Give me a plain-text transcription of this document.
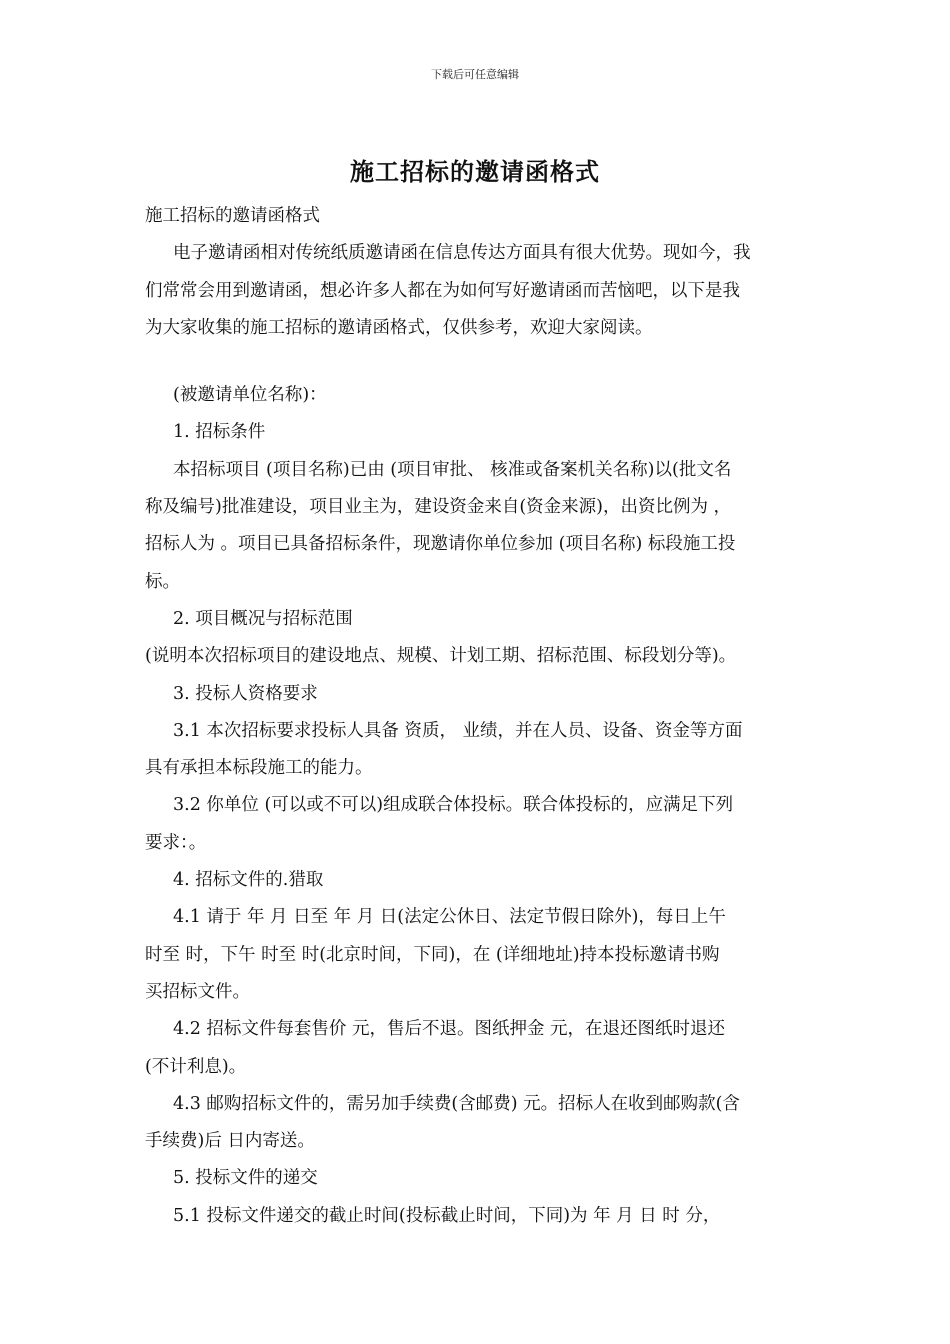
下载后可任意编辑
施工招标的邀请函格式

施工招标的邀请函格式

电子邀请函相对传统纸质邀请函在信息传达方面具有很大优势。现如今，我

们常常会用到邀请函，想必许多人都在为如何写好邀请函而苦恼吧，以下是我

为大家收集的施工招标的邀请函格式，仅供参考，欢迎大家阅读。

(被邀请单位名称)：

1. 招标条件

本招标项目 (项目名称)已由 (项目审批、 核准或备案机关名称)以(批文名

称及编号)批准建设，项目业主为，建设资金来自(资金来源)，出资比例为 ，

招标人为 。项目已具备招标条件，现邀请你单位参加 (项目名称) 标段施工投

标。

2. 项目概况与招标范围

(说明本次招标项目的建设地点、规模、计划工期、招标范围、标段划分等)。

3. 投标人资格要求

3.1 本次招标要求投标人具备 资质， 业绩，并在人员、设备、资金等方面

具有承担本标段施工的能力。

3.2 你单位 (可以或不可以)组成联合体投标。联合体投标的，应满足下列

要求：。

4. 招标文件的.猎取

4.1 请于 年 月 日至 年 月 日(法定公休日、法定节假日除外)，每日上午

时至 时，下午 时至 时(北京时间，下同)，在 (详细地址)持本投标邀请书购

买招标文件。

4.2 招标文件每套售价 元，售后不退。图纸押金 元，在退还图纸时退还

(不计利息)。

4.3 邮购招标文件的，需另加手续费(含邮费) 元。招标人在收到邮购款(含

手续费)后 日内寄送。

5. 投标文件的递交

5.1 投标文件递交的截止时间(投标截止时间，下同)为 年 月 日 时 分，
